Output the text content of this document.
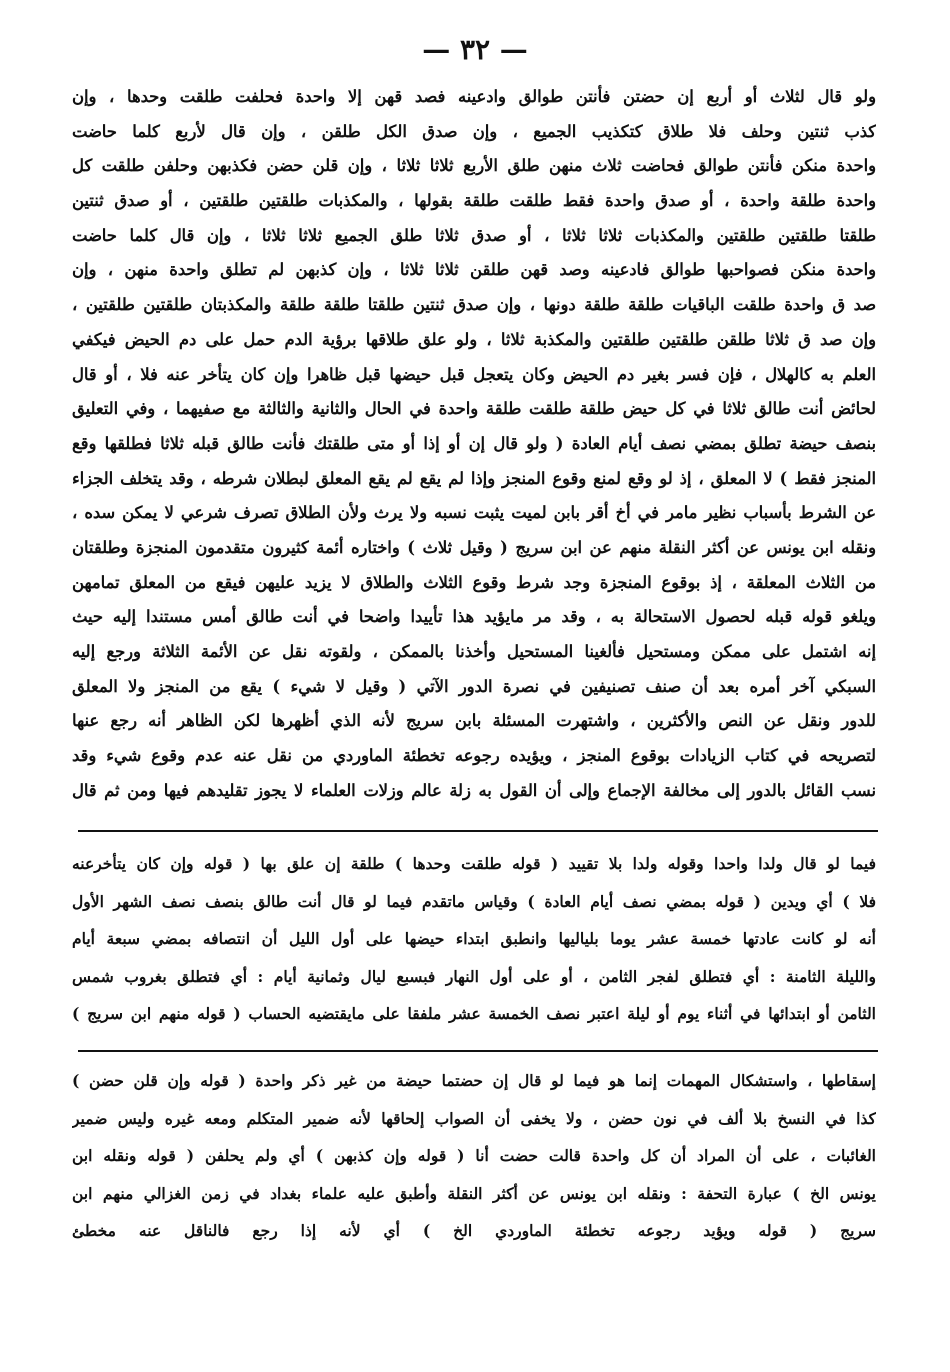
— ٣٢ —
ولو قال لثلاث أو أربع إن حضتن فأنتن طوالق وادعينه فصد قهن إلا واحدة فحلفت طلقت وحدها ، وإن
كذب ثنتين وحلف فلا طلاق كتكذيب الجميع ، وإن صدق الكل طلقن ، وإن قال لأربع كلما حاضت
واحدة منكن فأنتن طوالق فحاضت ثلاث منهن طلق الأربع ثلاثا ثلاثا ، وإن قلن حضن فكذبهن وحلفن طلقت كل
واحدة طلقة واحدة ، أو صدق واحدة فقط طلقت طلقة بقولها ، والمكذبات طلقتين طلقتين ، أو صدق ثنتين
طلقتا طلقتين طلقتين والمكذبات ثلاثا ثلاثا ، أو صدق ثلاثا طلق الجميع ثلاثا ثلاثا ، وإن قال كلما حاضت
واحدة منكن فصواحبها طوالق فادعينه وصد قهن طلقن ثلاثا ثلاثا ، وإن كذبهن لم تطلق واحدة منهن ، وإن
صد ق واحدة طلقت الباقيات طلقة طلقة دونها ، وإن صدق ثنتين طلقتا طلقة طلقة والمكذبتان طلقتين طلقتين ،
وإن صد ق ثلاثا طلقن طلقتين طلقتين والمكذبة ثلاثا ، ولو علق طلاقها برؤية الدم حمل على دم الحيض فيكفي
العلم به كالهلال ، فإن فسر بغير دم الحيض وكان يتعجل قبل حيضها قبل ظاهرا وإن كان يتأخر عنه فلا ، أو قال
لحائض أنت طالق ثلاثا في كل حيض طلقة طلقت طلقة واحدة في الحال والثانية والثالثة مع صفيهما ، وفي التعليق
بنصف حيضة تطلق بمضي نصف أيام العادة ( ولو قال إن أو إذا أو متى طلقتك فأنت طالق قبله ثلاثا فطلقها وقع
المنجز فقط ) لا المعلق ، إذ لو وقع لمنع وقوع المنجز وإذا لم يقع لم يقع المعلق لبطلان شرطه ، وقد يتخلف الجزاء
عن الشرط بأسباب نظير مامر في أخ أقر بابن لميت يثبت نسبه ولا يرث ولأن الطلاق تصرف شرعي لا يمكن سده ،
ونقله ابن يونس عن أكثر النقلة منهم عن ابن سريج ( وقيل ثلاث ) واختاره أئمة كثيرون متقدمون المنجزة وطلقتان
من الثلاث المعلقة ، إذ بوقوع المنجزة وجد شرط وقوع الثلاث والطلاق لا يزيد عليهن فيقع من المعلق تمامهن
ويلغو قوله قبله لحصول الاستحالة به ، وقد مر مايؤيد هذا تأييدا واضحا في أنت طالق أمس مستندا إليه حيث
إنه اشتمل على ممكن ومستحيل فألغينا المستحيل وأخذنا بالممكن ، ولقوته نقل عن الأئمة الثلاثة ورجع إليه
السبكي آخر أمره بعد أن صنف تصنيفين في نصرة الدور الآتي ( وقيل لا شيء ) يقع من المنجز ولا المعلق
للدور ونقل عن النص والأكثرين ، واشتهرت المسئلة بابن سريج لأنه الذي أظهرها لكن الظاهر أنه رجع عنها
لتصريحه في كتاب الزيادات بوقوع المنجز ، ويؤيده رجوعه تخطئة الماوردي من نقل عنه عدم وقوع شيء وقد
نسب القائل بالدور إلى مخالفة الإجماع وإلى أن القول به زلة عالم وزلات العلماء لا يجوز تقليدهم فيها ومن ثم قال
فيما لو قال ولدا واحدا وقوله ولدا بلا تقييد ( قوله طلقت وحدها ) طلقة إن علق بها ( قوله وإن كان يتأخرعنه
فلا ) أي ويدين ( قوله بمضي نصف أيام العادة ) وقياس ماتقدم فيما لو قال أنت طالق بنصف نصف الشهر الأول
أنه لو كانت عادتها خمسة عشر يوما بلياليها وانطبق ابتداء حيضها على أول الليل أن انتصافه بمضي سبعة أيام
والليلة الثامنة : أي فتطلق لفجر الثامن ، أو على أول النهار فبسبع ليال وثمانية أيام : أي فتطلق بغروب شمس
الثامن أو ابتدائها في أثناء يوم أو ليلة اعتبر نصف الخمسة عشر ملفقا على مايقتضيه الحساب ( قوله منهم ابن سريج )
إسقاطها ، واستشكال المهمات إنما هو فيما لو قال إن حضتما حيضة من غير ذكر واحدة ( قوله وإن قلن حضن )
كذا في النسخ بلا ألف في نون حضن ، ولا يخفى أن الصواب إلحاقها لأنه ضمير المتكلم ومعه غيره وليس ضمير
الغائبات ، على أن المراد أن كل واحدة قالت حضت أنا ( قوله وإن كذبهن ) أي ولم يحلفن ( قوله ونقله ابن
يونس الخ ) عبارة التحفة : ونقله ابن يونس عن أكثر النقلة وأطبق عليه علماء بغداد في زمن الغزالي منهم ابن
سريج ( قوله ويؤيد رجوعه تخطئة الماوردي الخ ) أي لأنه إذا رجع فالناقل عنه مخطئ
